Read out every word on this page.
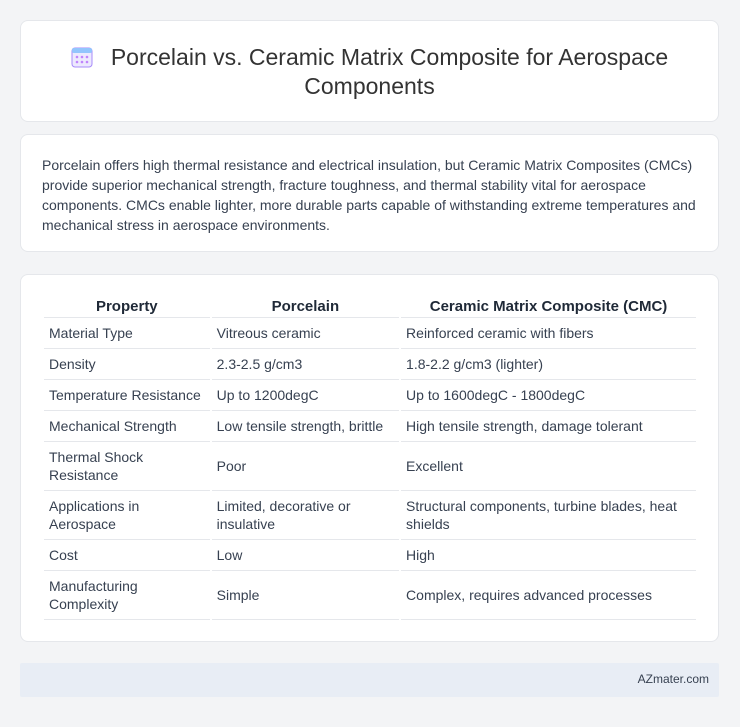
Porcelain vs. Ceramic Matrix Composite for Aerospace Components

Porcelain offers high thermal resistance and electrical insulation, but Ceramic Matrix Composites (CMCs) provide superior mechanical strength, fracture toughness, and thermal stability vital for aerospace components. CMCs enable lighter, more durable parts capable of withstanding extreme temperatures and mechanical stress in aerospace environments.

Property	Porcelain	Ceramic Matrix Composite (CMC)
Material Type	Vitreous ceramic	Reinforced ceramic with fibers
Density	2.3-2.5 g/cm3	1.8-2.2 g/cm3 (lighter)
Temperature Resistance	Up to 1200degC	Up to 1600degC - 1800degC
Mechanical Strength	Low tensile strength, brittle	High tensile strength, damage tolerant
Thermal Shock Resistance	Poor	Excellent
Applications in Aerospace	Limited, decorative or insulative	Structural components, turbine blades, heat shields
Cost	Low	High
Manufacturing Complexity	Simple	Complex, requires advanced processes
AZmater.com
